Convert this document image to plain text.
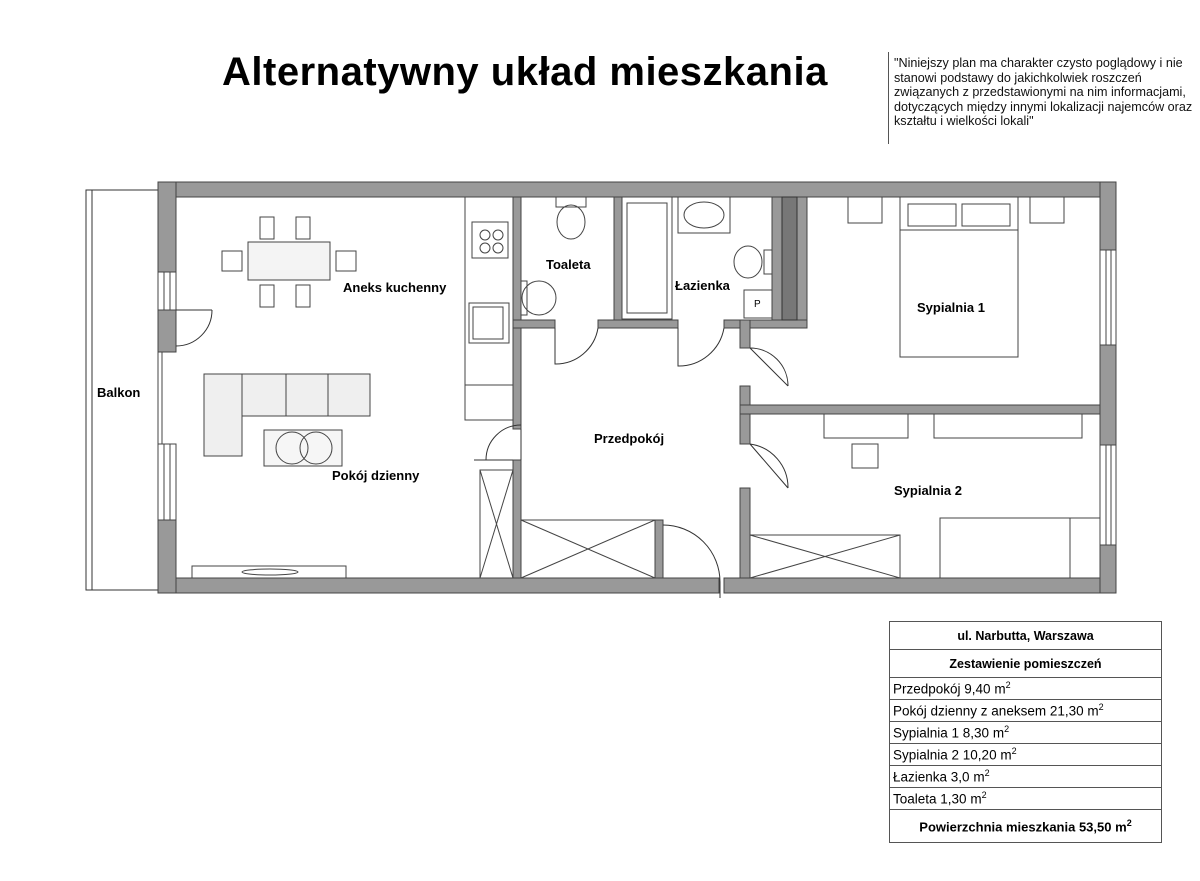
Alternatywny układ mieszkania	"Niniejszy plan ma charakter czysto poglądowy i nie stanowi podstawy do jakichkolwiek roszczeń związanych z przedstawionymi na nim informacjami, dotyczących między innymi lokalizacji najemców oraz kształtu i wielkości lokali"
Balkon
Aneks kuchenny
Pokój dzienny
Toaleta
Łazienka
Przedpokój
Sypialnia 1
Sypialnia 2
P
ul. Narbutta, Warszawa
Zestawienie pomieszczeń
Przedpokój 9,40 $m^2$
Pokój dzienny z aneksem 21,30 $m^2$
Sypialnia 1 8,30 $m^2$
Sypialnia 2 10,20 $m^2$
Łazienka 3,0 $m^2$
Toaleta 1,30 $m^2$
Powierzchnia mieszkania 53,50 $m^2$
